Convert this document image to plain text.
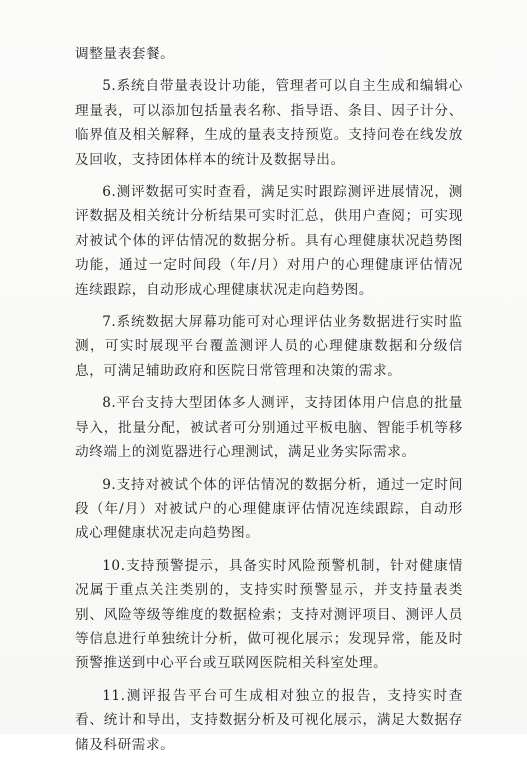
调整量表套餐。

5.系统自带量表设计功能，管理者可以自主生成和编辑心理量表，可以添加包括量表名称、指导语、条目、因子计分、临界值及相关解释，生成的量表支持预览。支持问卷在线发放及回收，支持团体样本的统计及数据导出。

6.测评数据可实时查看，满足实时跟踪测评进展情况，测评数据及相关统计分析结果可实时汇总，供用户查阅；可实现对被试个体的评估情况的数据分析。具有心理健康状况趋势图功能，通过一定时间段（年/月）对用户的心理健康评估情况连续跟踪，自动形成心理健康状况走向趋势图。

7.系统数据大屏幕功能可对心理评估业务数据进行实时监测，可实时展现平台覆盖测评人员的心理健康数据和分级信息，可满足辅助政府和医院日常管理和决策的需求。

8.平台支持大型团体多人测评，支持团体用户信息的批量导入，批量分配，被试者可分别通过平板电脑、智能手机等移动终端上的浏览器进行心理测试，满足业务实际需求。

9.支持对被试个体的评估情况的数据分析，通过一定时间段（年/月）对被试户的心理健康评估情况连续跟踪，自动形成心理健康状况走向趋势图。

10.支持预警提示，具备实时风险预警机制，针对健康情况属于重点关注类别的，支持实时预警显示，并支持量表类别、风险等级等维度的数据检索；支持对测评项目、测评人员等信息进行单独统计分析，做可视化展示；发现异常，能及时预警推送到中心平台或互联网医院相关科室处理。

11.测评报告平台可生成相对独立的报告，支持实时查看、统计和导出，支持数据分析及可视化展示，满足大数据存储及科研需求。
